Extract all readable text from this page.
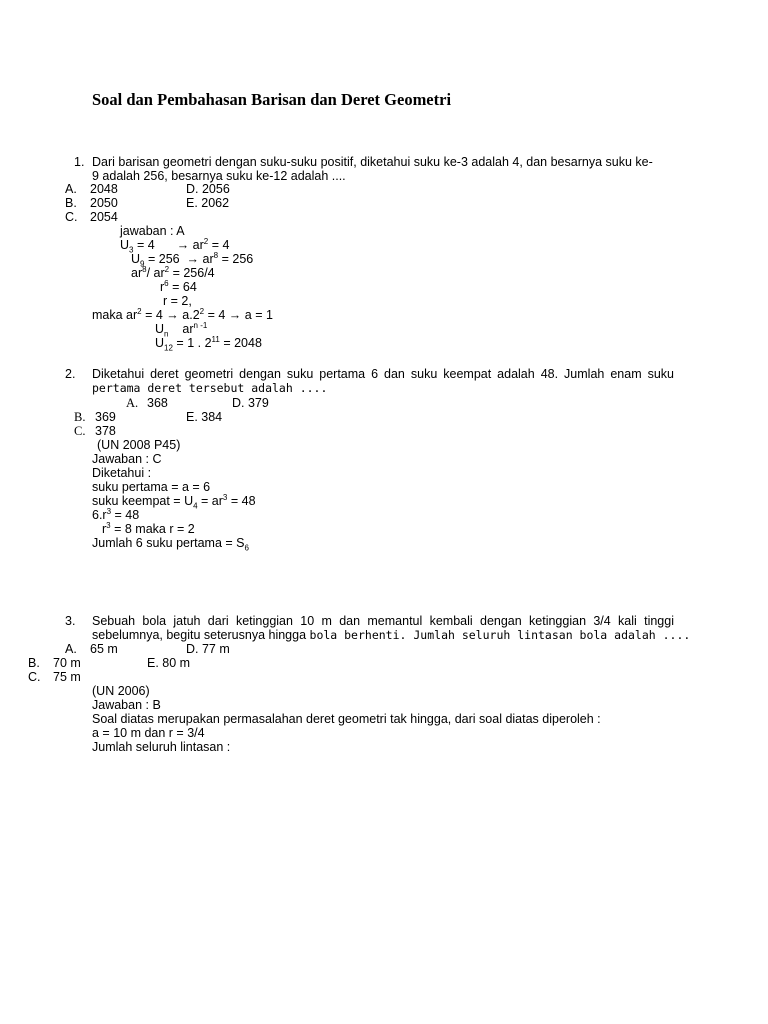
Soal dan Pembahasan Barisan dan Deret Geometri
1. Dari barisan geometri dengan suku-suku positif, diketahui suku ke-3 adalah 4, dan besarnya suku ke-
9 adalah 256, besarnya suku ke-12 adalah ....
A. 2048	D. 2056
B. 2050	E. 2062
C. 2054
jawaban : A
$U_3 = 4 \to ar^2 = 4$
$U_9 = 256 \to ar^8 = 256$
$ar^8/$ $ar^2 = 256/4$
$r^6 = 64$
r = 2,
maka $ar^2 = 4 \to a.2^2 = 4 \to a = 1$
$U_n$ $ar^{n -1}$
$U_{12} = 1$ . $2^{11} = 2048$
2. Diketahui deret geometri dengan suku pertama 6 dan suku keempat adalah 48. Jumlah enam suku
pertama deret tersebut adalah ....
A. 368	D. 379
B. 369	E. 384
C. 378
(UN 2008 P45)
Jawaban : C
Diketahui :
suku pertama = a = 6
suku keempat = $U_4 = ar^3 = 48$
$6.r^3 = 48$
$r^3 = 8$ maka r = 2
Jumlah 6 suku pertama = $S_6$
3. Sebuah bola jatuh dari ketinggian 10 m dan memantul kembali dengan ketinggian 3/4 kali tinggi
sebelumnya, begitu seterusnya hingga bola berhenti. Jumlah seluruh lintasan bola adalah ....
A. 65 m	D. 77 m
B. 70 m	E. 80 m
C. 75 m
(UN 2006)
Jawaban : B
Soal diatas merupakan permasalahan deret geometri tak hingga, dari soal diatas diperoleh :
a = 10 m dan r = 3/4
Jumlah seluruh lintasan :
